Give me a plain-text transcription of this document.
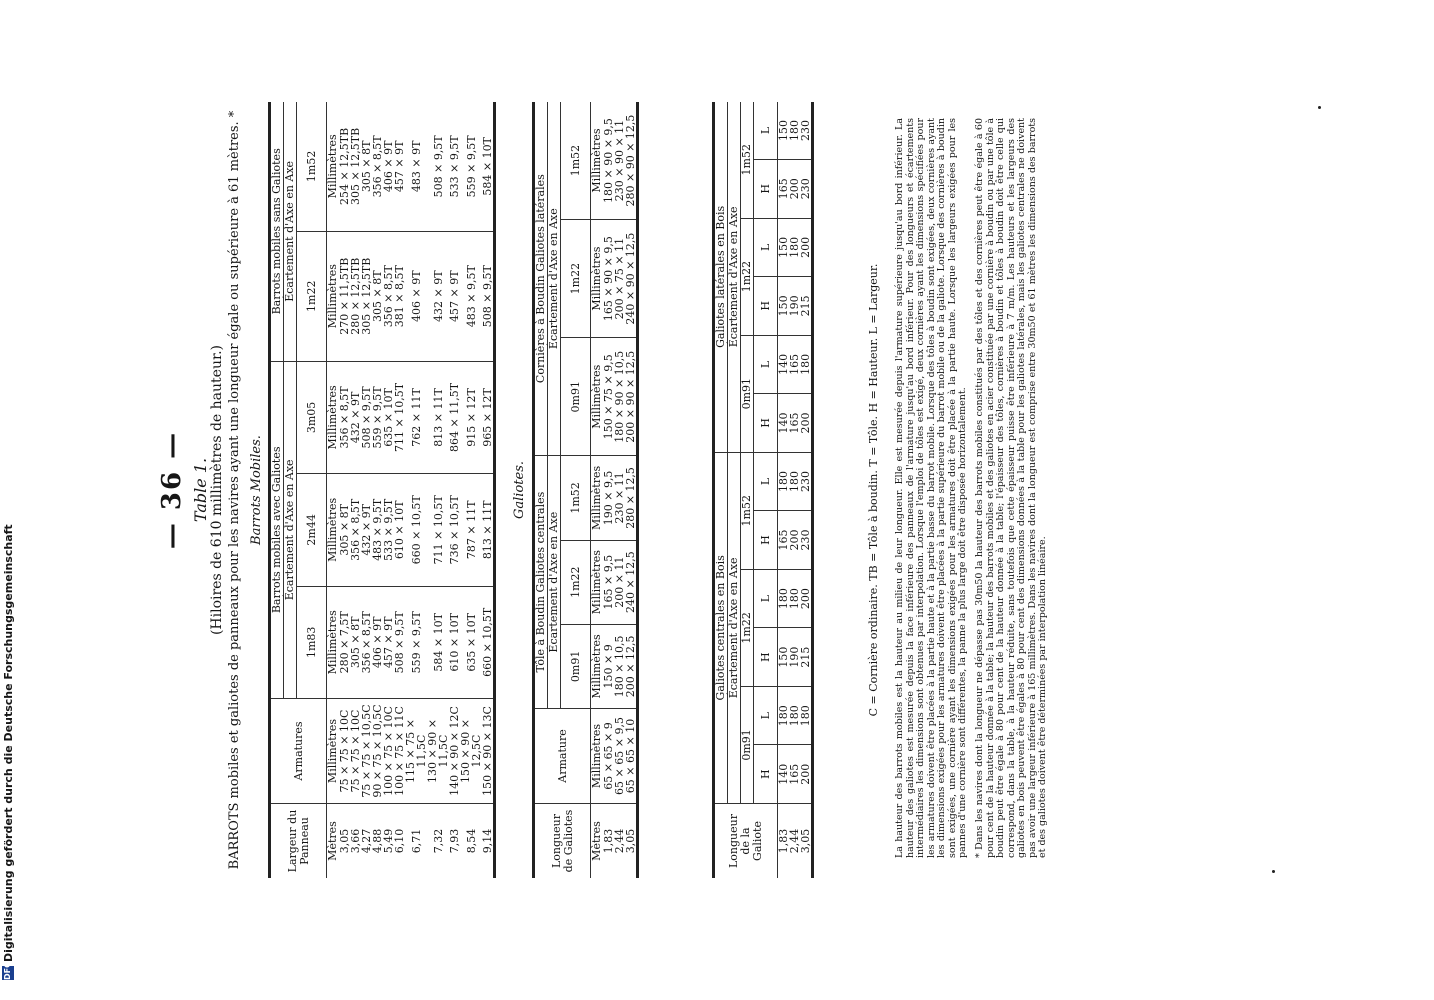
— 36 — Table 1. (Hiloires de 610 millimètres de hauteur.) BARROTS mobiles et galiotes de panneaux pour les navires ayant une longueur égale ou supérieure à 61 mètres. * Barrots Mobiles.
Largeur du Panneau	Armatures	Barrots mobiles avec Galiotes			Barrots mobiles sans Galiotes	
		Écartement d'Axe en Axe			Écartement d'Axe en Axe	
		1m83	2m44	3m05	1m22	1m52
Mètres	Millimètres	Millimètres	Millimètres	Millimètres	Millimètres	Millimètres
3,05	75 × 75 × 10C	280 × 7,5T	305 × 8T	356 × 8,5T	270 × 11,5TB	254 × 12,5TB
3,66	75 × 75 × 10C	305 × 8T	356 × 8,5T	432 × 9T	280 × 12,5TB	305 × 12,5TB
4,27	75 × 75 × 10,5C	356 × 8,5T	432 × 9T	508 × 9,5T	305 × 12,5TB	305 × 8T
4,88	90 × 75 × 10,5C	406 × 9T	483 × 9,5T	559 × 9,5T	305 × 8T	356 × 8,5T
5,49	100 × 75 × 10C	457 × 9T	533 × 9,5T	635 × 10T	356 × 8,5T	406 × 9T
6,10	100 × 75 × 11C	508 × 9,5T	610 × 10T	711 × 10,5T	381 × 8,5T	457 × 9T
6,71	115 × 75 × 11,5C	559 × 9,5T	660 × 10,5T	762 × 11T	406 × 9T	483 × 9T
7,32	130 × 90 × 11,5C	584 × 10T	711 × 10,5T	813 × 11T	432 × 9T	508 × 9,5T
7,93	140 × 90 × 12C	610 × 10T	736 × 10,5T	864 × 11,5T	457 × 9T	533 × 9,5T
8,54	150 × 90 × 12,5C	635 × 10T	787 × 11T	915 × 12T	483 × 9,5T	559 × 9,5T
9,14	150 × 90 × 13C	660 × 10,5T	813 × 11T	965 × 12T	508 × 9,5T	584 × 10T
Galiotes.
Longueur de Galiotes	Armature	Tôle à Boudin Galiotes centrales			Cornières à Boudin Galiotes latérales		
		Écartement d'Axe en Axe			Écartement d'Axe en Axe		
		0m91	1m22	1m52	0m91	1m22	1m52
Mètres	Millimètres	Millimètres	Millimètres	Millimètres	Millimètres	Millimètres	Millimètres
1,83	65 × 65 × 9	150 × 9	165 × 9,5	190 × 9,5	150 × 75 × 9,5	165 × 90 × 9,5	180 × 90 × 9,5
2,44	65 × 65 × 9,5	180 × 10,5	200 × 11	230 × 11	180 × 90 × 10,5	200 × 75 × 11	230 × 90 × 11
3,05	65 × 65 × 10	200 × 12,5	240 × 12,5	280 × 12,5	200 × 90 × 12,5	240 × 90 × 12,5	280 × 90 × 12,5
Longueur de la Galiote	Galiotes centrales en Bois						Galiotes latérales en Bois					
	Écartement d'Axe en Axe						Écartement d'Axe en Axe					
	0m91		1m22		1m52		0m91		1m22		1m52	
	H	L	H	L	H	L	H	L	H	L	H	L
1,83	140	180	150	180	165	180	140	140	150	150	165	150
2,44	165	180	190	180	200	180	165	165	190	180	200	180
3,05	200	180	215	200	230	230	200	180	215	200	230	230
C = Cornière ordinaire. TB = Tôle à boudin. T = Tôle. H = Hauteur. L = Largeur. La hauteur des barrots mobiles est la hauteur au milieu de leur longueur. Elle est mesurée depuis l'armature supérieure jusqu'au bord inférieur. La hauteur des galiotes est mesurée depuis la face inférieure des panneaux de l'armature jusqu'au bord inférieur. Pour des longueurs et écartements intermédiaires les dimensions sont obtenues par interpolation. Lorsque l'emploi de tôles est exigé, deux cornières ayant les dimensions spécifiées pour les armatures doivent être placées à la partie haute et à la partie basse du barrot mobile. Lorsque des tôles à boudin sont exigées, deux cornières ayant les dimensions exigées pour les armatures doivent être placées à la partie supérieure du barrot mobile ou de la galiote. Lorsque des cornières à boudin sont exigées, une cornière ayant les dimensions exigées pour les armatures doit être placée à la partie haute. Lorsque les largeurs exigées pour les pannes d'une cornière sont différentes, la panne la plus large doit être disposée horizontalement. * Dans les navires dont la longueur ne dépasse pas 30m50 la hauteur des barrots mobiles constitués par des tôles et des cornières peut être égale à 60 pour cent de la hauteur donnée à la table; la hauteur des barrots mobiles et des galiotes en acier constituée par une cornière à boudin ou par une tôle à boudin peut être égale à 80 pour cent de la hauteur donnée à la table; l'épaisseur des tôles, cornières à boudin et tôles à boudin doit être celle qui correspond, dans la table, à la hauteur réduite, sans toutefois que cette épaisseur puisse être inférieure à 7 m/m. Les hauteurs et les largeurs des galiotes en bois peuvent être égales à 80 pour cent des dimensions données à la table pour les galiotes latérales, mais les galiotes centrales ne doivent pas avoir une largeur inférieure à 165 millimètres. Dans les navires dont la longueur est comprise entre 30m50 et 61 mètres les dimensions des barrots et des galiotes doivent être déterminées par interpolation linéaire.
DFGDigitalisierung gefördert durch die Deutsche Forschungsgemeinschaft
